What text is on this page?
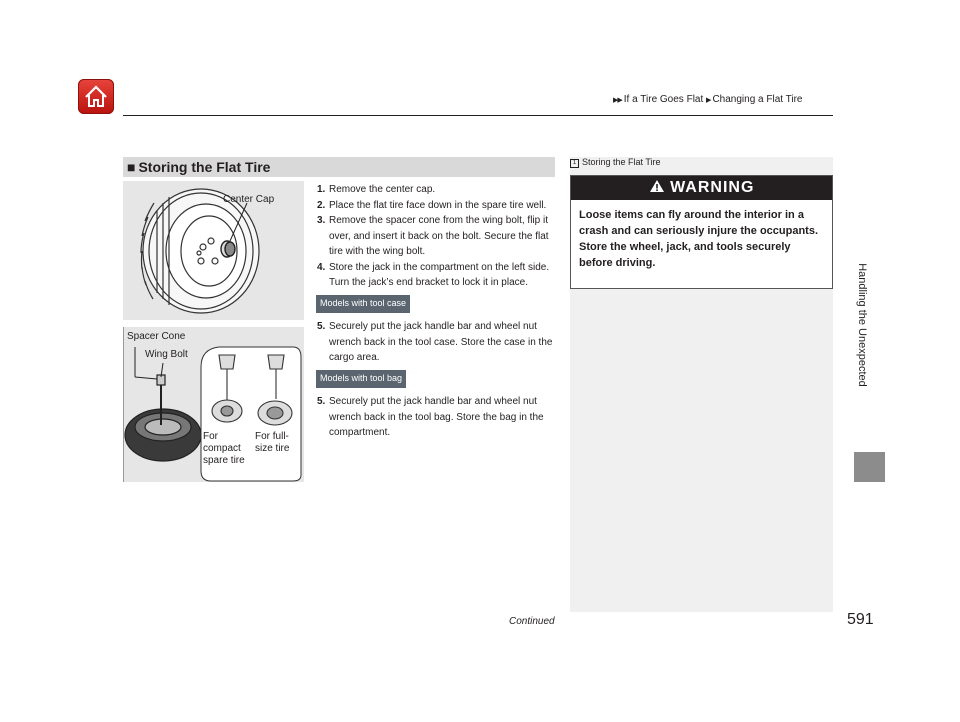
▶▶ If a Tire Goes Flat ▶ Changing a Flat Tire
Handling the Unexpected
■ Storing the Flat Tire
Center Cap
Spacer Cone
Wing Bolt
For
compact
spare tire
For full-
size tire
1. Remove the center cap.
2. Place the flat tire face down in the spare tire well.
3. Remove the spacer cone from the wing bolt, flip it over, and insert it back on the bolt. Secure the flat tire with the wing bolt.
4. Store the jack in the compartment on the left side. Turn the jack’s end bracket to lock it in place.
Models with tool case
5. Securely put the jack handle bar and wheel nut wrench back in the tool case. Store the case in the cargo area.
Models with tool bag
5. Securely put the jack handle bar and wheel nut wrench back in the tool bag. Store the bag in the compartment.
1 Storing the Flat Tire
WARNING
Loose items can fly around the interior in a crash and can seriously injure the occupants.
Store the wheel, jack, and tools securely before driving.
Continued	591
